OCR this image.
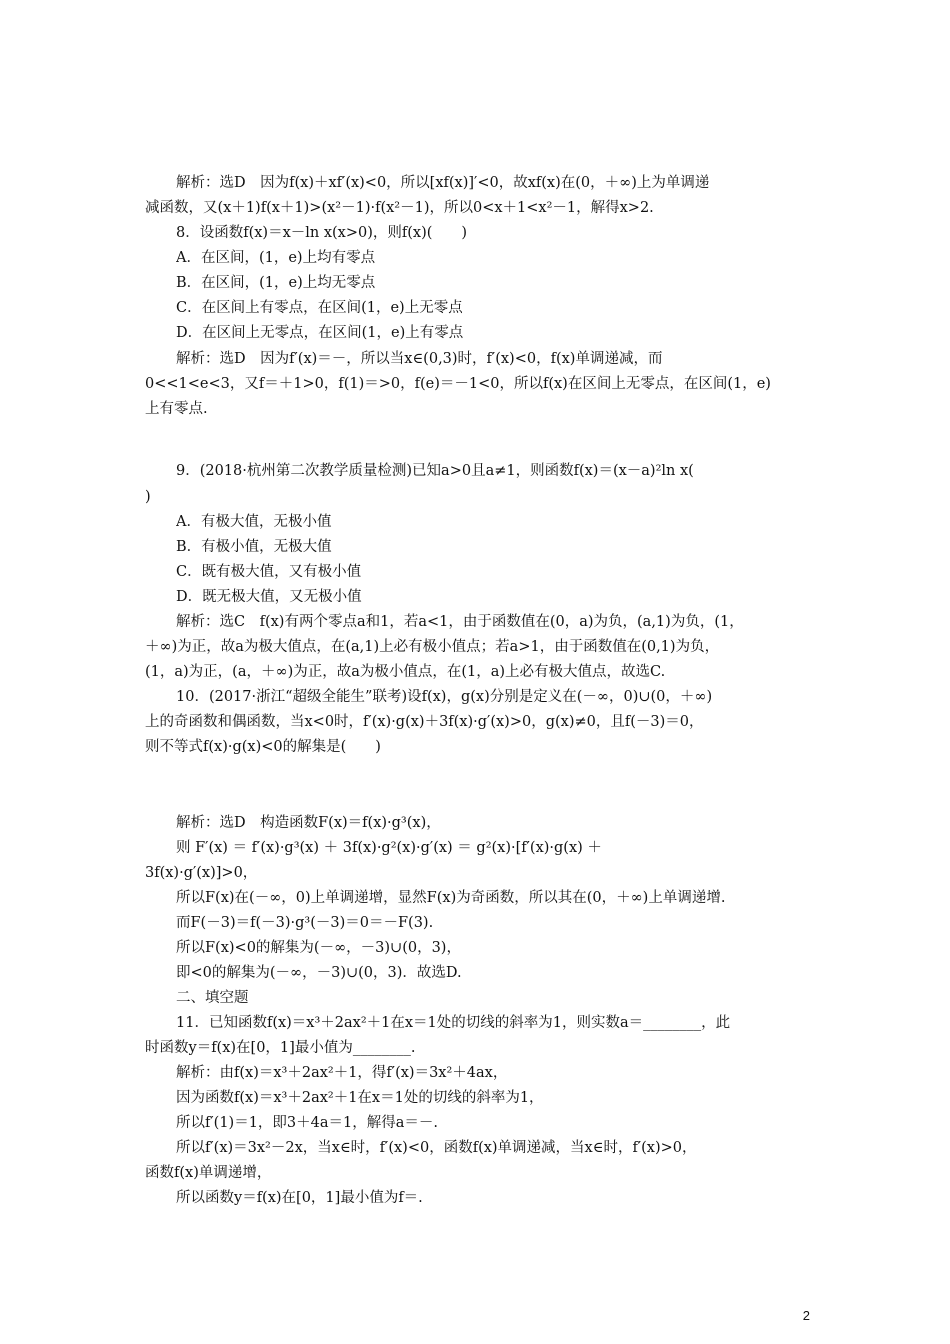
解析：选D　因为f(x)＋xf′(x)<0，所以[xf(x)]′<0，故xf(x)在(0，＋∞)上为单调递
减函数，又(x＋1)f(x＋1)>(x²－1)·f(x²－1)，所以0<x＋1<x²－1，解得x>2.
8．设函数f(x)＝x－ln x(x>0)，则f(x)(　　)
A．在区间，(1，e)上均有零点
B．在区间，(1，e)上均无零点
C．在区间上有零点，在区间(1，e)上无零点
D．在区间上无零点，在区间(1，e)上有零点
解析：选D　因为f′(x)＝－，所以当x∈(0,3)时，f′(x)<0，f(x)单调递减，而
0<<1<e<3，又f＝＋1>0，f(1)＝>0，f(e)＝－1<0，所以f(x)在区间上无零点，在区间(1，e)
上有零点.
9．(2018·杭州第二次教学质量检测)已知a>0且a≠1，则函数f(x)＝(x－a)²ln x(
)
A．有极大值，无极小值
B．有极小值，无极大值
C．既有极大值，又有极小值
D．既无极大值，又无极小值
解析：选C　f(x)有两个零点a和1，若a<1，由于函数值在(0，a)为负，(a,1)为负，(1，
＋∞)为正，故a为极大值点，在(a,1)上必有极小值点；若a>1，由于函数值在(0,1)为负，
(1，a)为正，(a，＋∞)为正，故a为极小值点，在(1，a)上必有极大值点，故选C.
10．(2017·浙江“超级全能生”联考)设f(x)，g(x)分别是定义在(－∞，0)∪(0，＋∞)
上的奇函数和偶函数，当x<0时，f′(x)·g(x)＋3f(x)·g′(x)>0，g(x)≠0，且f(－3)＝0，
则不等式f(x)·g(x)<0的解集是(　　)
解析：选D　构造函数F(x)＝f(x)·g³(x)，
则 F′(x) ＝ f′(x)·g³(x) ＋ 3f(x)·g²(x)·g′(x) ＝ g²(x)·[f′(x)·g(x) ＋
3f(x)·g′(x)]>0，
所以F(x)在(－∞，0)上单调递增，显然F(x)为奇函数，所以其在(0，＋∞)上单调递增.
而F(－3)＝f(－3)·g³(－3)＝0＝－F(3).
所以F(x)<0的解集为(－∞，－3)∪(0，3)，
即<0的解集为(－∞，－3)∪(0，3)．故选D.
二、填空题
11．已知函数f(x)＝x³＋2ax²＋1在x＝1处的切线的斜率为1，则实数a＝________，此
时函数y＝f(x)在[0，1]最小值为________.
解析：由f(x)＝x³＋2ax²＋1，得f′(x)＝3x²＋4ax，
因为函数f(x)＝x³＋2ax²＋1在x＝1处的切线的斜率为1，
所以f′(1)＝1，即3＋4a＝1，解得a＝－.
所以f′(x)＝3x²－2x，当x∈时，f′(x)<0，函数f(x)单调递减，当x∈时，f′(x)>0，
函数f(x)单调递增，
所以函数y＝f(x)在[0，1]最小值为f＝.
2
